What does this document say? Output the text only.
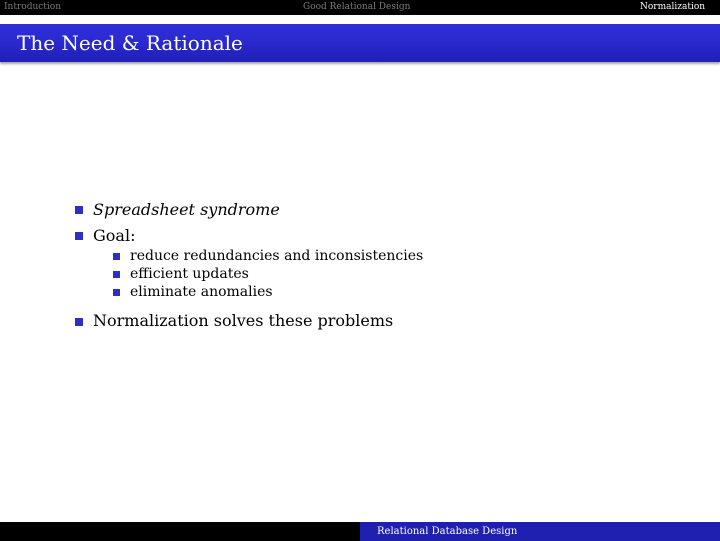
Introduction	Good Relational Design	Normalization
The Need & Rationale
Spreadsheet syndrome
Goal:
reduce redundancies and inconsistencies
efficient updates
eliminate anomalies
Normalization solves these problems
Relational Database Design
